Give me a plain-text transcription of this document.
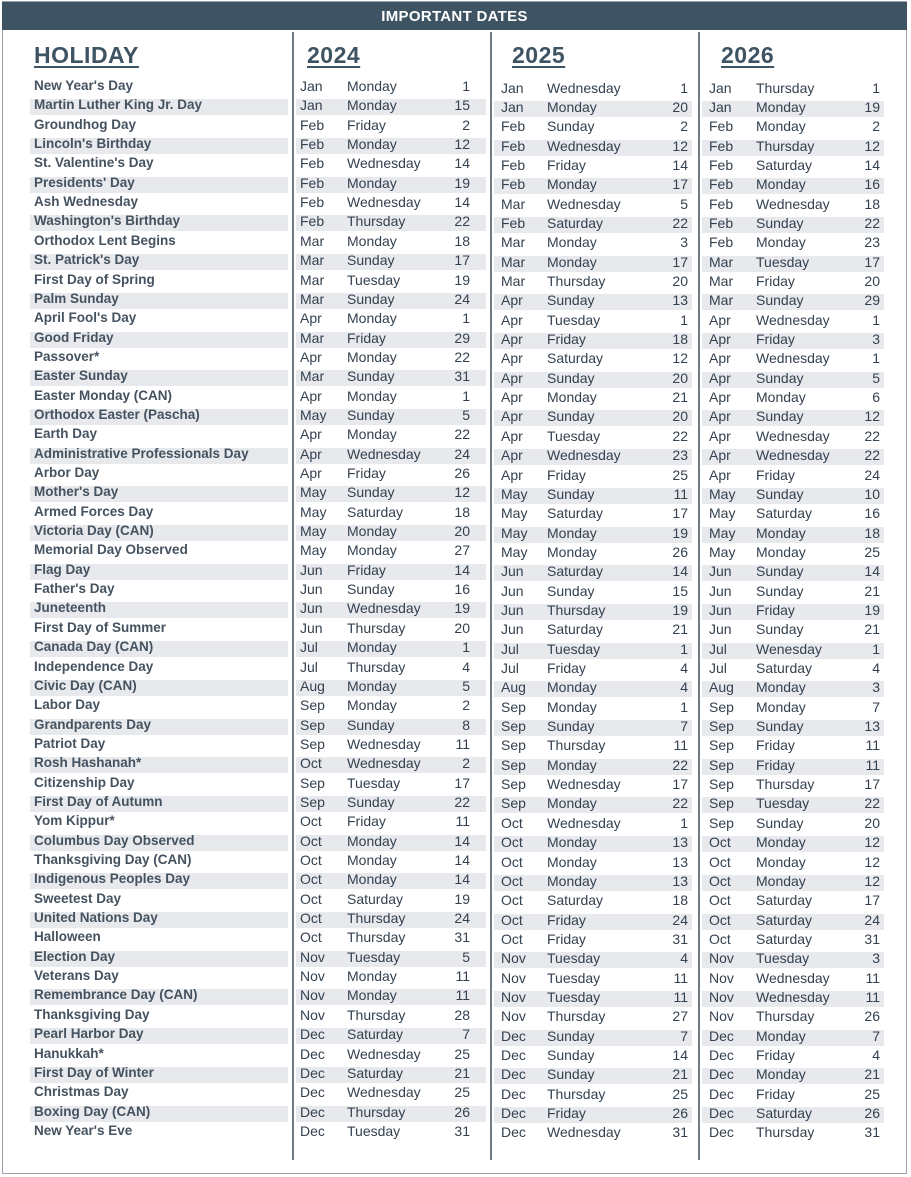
IMPORTANT DATES
HOLIDAY	2024	2025	2026
New Year's Day	Jan Monday	1 Jan Wednesday	1 Jan Thursday	1
Martin Luther King Jr. Day	Jan Monday	15 Jan Monday	20 Jan Monday	19
Groundhog Day	Feb Friday	2 Feb Sunday	2 Feb Monday	2
Lincoln's Birthday	Feb Monday	12 Feb Wednesday	12 Feb Thursday	12
St. Valentine's Day	Feb Wednesday	14 Feb Friday	14 Feb Saturday	14
Presidents' Day	Feb Monday	19 Feb Monday	17 Feb Monday	16
Ash Wednesday	Feb Wednesday	14 Mar Wednesday	5 Feb Wednesday	18
Washington's Birthday	Feb Thursday	22 Feb Saturday	22 Feb Sunday	22
Orthodox Lent Begins	Mar Monday	18 Mar Monday	3 Feb Monday	23
St. Patrick's Day	Mar Sunday	17 Mar Monday	17 Mar Tuesday	17
First Day of Spring	Mar Tuesday	19 Mar Thursday	20 Mar Friday	20
Palm Sunday	Mar Sunday	24 Apr Sunday	13 Mar Sunday	29
April Fool's Day	Apr Monday	1 Apr Tuesday	1 Apr Wednesday	1
Good Friday	Mar Friday	29 Apr Friday	18 Apr Friday	3
Passover*	Apr Monday	22 Apr Saturday	12 Apr Wednesday	1
Easter Sunday	Mar Sunday	31 Apr Sunday	20 Apr Sunday	5
Easter Monday (CAN)	Apr Monday	1 Apr Monday	21 Apr Monday	6
Orthodox Easter (Pascha)	May Sunday	5 Apr Sunday	20 Apr Sunday	12
Earth Day	Apr Monday	22 Apr Tuesday	22 Apr Wednesday	22
Administrative Professionals Day	Apr Wednesday	24 Apr Wednesday	23 Apr Wednesday	22
Arbor Day	Apr Friday	26 Apr Friday	25 Apr Friday	24
Mother's Day	May Sunday	12 May Sunday	11 May Sunday	10
Armed Forces Day	May Saturday	18 May Saturday	17 May Saturday	16
Victoria Day (CAN)	May Monday	20 May Monday	19 May Monday	18
Memorial Day Observed	May Monday	27 May Monday	26 May Monday	25
Flag Day	Jun Friday	14 Jun Saturday	14 Jun Sunday	14
Father's Day	Jun Sunday	16 Jun Sunday	15 Jun Sunday	21
Juneteenth	Jun Wednesday	19 Jun Thursday	19 Jun Friday	19
First Day of Summer	Jun Thursday	20 Jun Saturday	21 Jun Sunday	21
Canada Day (CAN)	Jul Monday	1 Jul Tuesday	1 Jul Wenesday	1
Independence Day	Jul Thursday	4 Jul Friday	4 Jul Saturday	4
Civic Day (CAN)	Aug Monday	5 Aug Monday	4 Aug Monday	3
Labor Day	Sep Monday	2 Sep Monday	1 Sep Monday	7
Grandparents Day	Sep Sunday	8 Sep Sunday	7 Sep Sunday	13
Patriot Day	Sep Wednesday	11 Sep Thursday	11 Sep Friday	11
Rosh Hashanah*	Oct Wednesday	2 Sep Monday	22 Sep Friday	11
Citizenship Day	Sep Tuesday	17 Sep Wednesday	17 Sep Thursday	17
First Day of Autumn	Sep Sunday	22 Sep Monday	22 Sep Tuesday	22
Yom Kippur*	Oct Friday	11 Oct Wednesday	1 Sep Sunday	20
Columbus Day Observed	Oct Monday	14 Oct Monday	13 Oct Monday	12
Thanksgiving Day (CAN)	Oct Monday	14 Oct Monday	13 Oct Monday	12
Indigenous Peoples Day	Oct Monday	14 Oct Monday	13 Oct Monday	12
Sweetest Day	Oct Saturday	19 Oct Saturday	18 Oct Saturday	17
United Nations Day	Oct Thursday	24 Oct Friday	24 Oct Saturday	24
Halloween	Oct Thursday	31 Oct Friday	31 Oct Saturday	31
Election Day	Nov Tuesday	5 Nov Tuesday	4 Nov Tuesday	3
Veterans Day	Nov Monday	11 Nov Tuesday	11 Nov Wednesday	11
Remembrance Day (CAN)	Nov Monday	11 Nov Tuesday	11 Nov Wednesday	11
Thanksgiving Day	Nov Thursday	28 Nov Thursday	27 Nov Thursday	26
Pearl Harbor Day	Dec Saturday	7 Dec Sunday	7 Dec Monday	7
Hanukkah*	Dec Wednesday	25 Dec Sunday	14 Dec Friday	4
First Day of Winter	Dec Saturday	21 Dec Sunday	21 Dec Monday	21
Christmas Day	Dec Wednesday	25 Dec Thursday	25 Dec Friday	25
Boxing Day (CAN)	Dec Thursday	26 Dec Friday	26 Dec Saturday	26
New Year's Eve	Dec Tuesday	31 Dec Wednesday	31 Dec Thursday	31
